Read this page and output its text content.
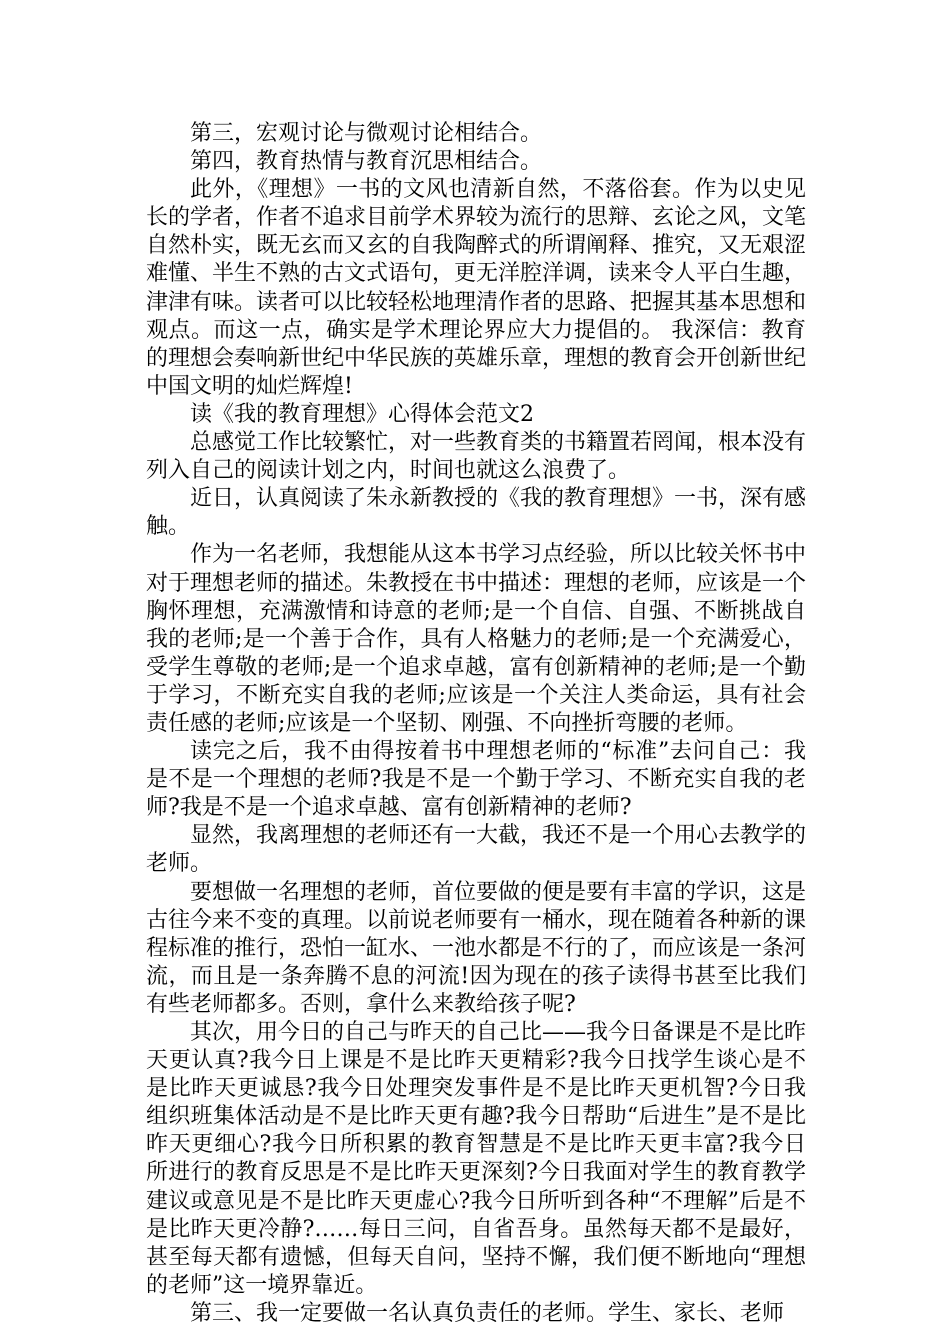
第三，宏观讨论与微观讨论相结合。

第四，教育热情与教育沉思相结合。

此外，《理想》一书的文风也清新自然，不落俗套。作为以史见长的学者，作者不追求目前学术界较为流行的思辩、玄论之风，文笔自然朴实，既无玄而又玄的自我陶醉式的所谓阐释、推究，又无艰涩难懂、半生不熟的古文式语句，更无洋腔洋调，读来令人平白生趣，津津有味。读者可以比较轻松地理清作者的思路、把握其基本思想和观点。而这一点，确实是学术理论界应大力提倡的。 我深信：教育的理想会奏响新世纪中华民族的英雄乐章，理想的教育会开创新世纪中国文明的灿烂辉煌!

读《我的教育理想》心得体会范文2

总感觉工作比较繁忙，对一些教育类的书籍置若罔闻，根本没有列入自己的阅读计划之内，时间也就这么浪费了。

近日，认真阅读了朱永新教授的《我的教育理想》一书，深有感触。

作为一名老师，我想能从这本书学习点经验，所以比较关怀书中对于理想老师的描述。朱教授在书中描述：理想的老师，应该是一个胸怀理想，充满激情和诗意的老师;是一个自信、自强、不断挑战自我的老师;是一个善于合作，具有人格魅力的老师;是一个充满爱心，受学生尊敬的老师;是一个追求卓越，富有创新精神的老师;是一个勤于学习，不断充实自我的老师;应该是一个关注人类命运，具有社会责任感的老师;应该是一个坚韧、刚强、不向挫折弯腰的老师。

读完之后，我不由得按着书中理想老师的“标准”去问自己：我是不是一个理想的老师?我是不是一个勤于学习、不断充实自我的老师?我是不是一个追求卓越、富有创新精神的老师?

显然，我离理想的老师还有一大截，我还不是一个用心去教学的老师。

要想做一名理想的老师，首位要做的便是要有丰富的学识，这是古往今来不变的真理。以前说老师要有一桶水，现在随着各种新的课程标准的推行，恐怕一缸水、一池水都是不行的了，而应该是一条河流，而且是一条奔腾不息的河流!因为现在的孩子读得书甚至比我们有些老师都多。否则，拿什么来教给孩子呢?

其次，用今日的自己与昨天的自己比——我今日备课是不是比昨天更认真?我今日上课是不是比昨天更精彩?我今日找学生谈心是不是比昨天更诚恳?我今日处理突发事件是不是比昨天更机智?今日我组织班集体活动是不是比昨天更有趣?我今日帮助“后进生”是不是比昨天更细心?我今日所积累的教育智慧是不是比昨天更丰富?我今日所进行的教育反思是不是比昨天更深刻?今日我面对学生的教育教学建议或意见是不是比昨天更虚心?我今日所听到各种“不理解”后是不是比昨天更冷静?……每日三问，自省吾身。虽然每天都不是最好，甚至每天都有遗憾，但每天自问，坚持不懈，我们便不断地向“理想的老师”这一境界靠近。

第三、我一定要做一名认真负责任的老师。学生、家长、老师
